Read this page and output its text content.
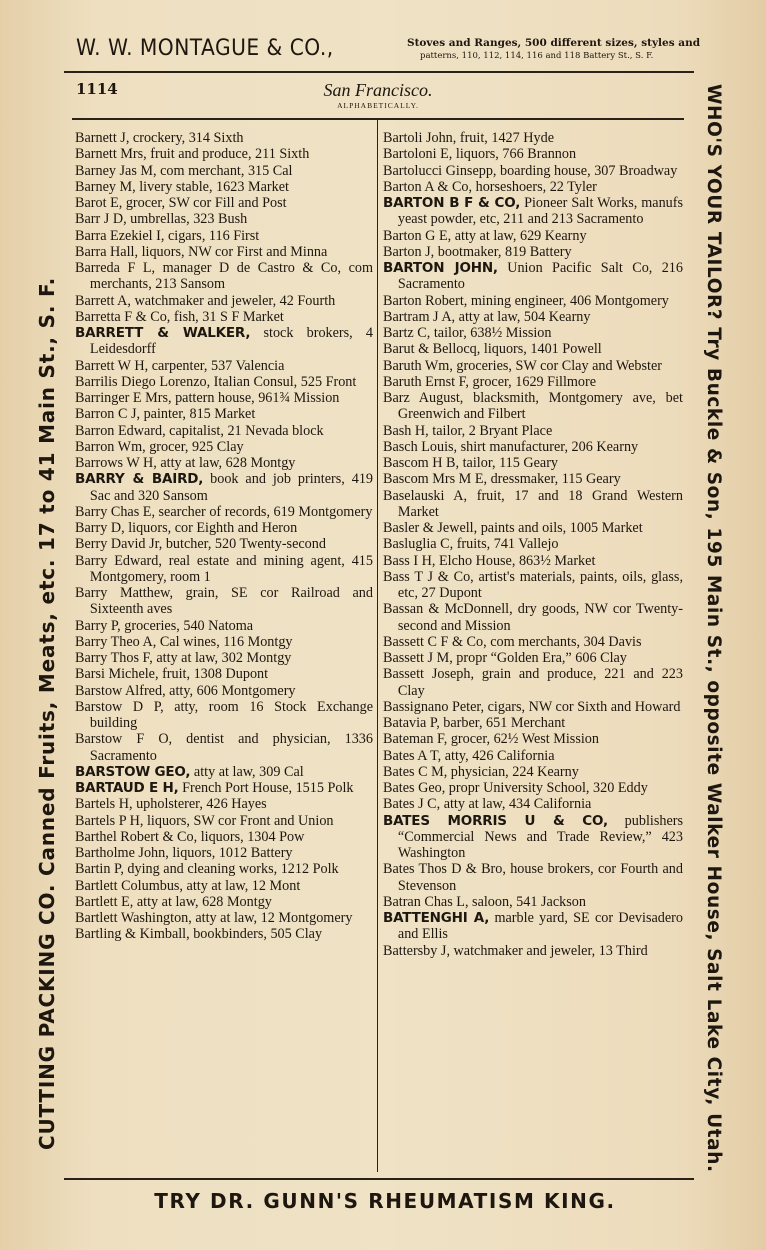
W. W. MONTAGUE & CO.,	Stoves and Ranges, 500 different sizes, styles and
patterns, 110, 112, 114, 116 and 118 Battery St., S. F.
1114	San Francisco.
ALPHABETICALLY.
CUTTING PACKING CO. Canned Fruits, Meats, etc. 17 to 41 Main St., S. F.	WHO'S YOUR TAILOR? Try Buckle & Son, 195 Main St., opposite Walker House, Salt Lake City, Utah.
Barnett J, crockery, 314 Sixth
Barnett Mrs, fruit and produce, 211 Sixth
Barney Jas M, com merchant, 315 Cal
Barney M, livery stable, 1623 Market
Barot E, grocer, SW cor Fill and Post
Barr J D, umbrellas, 323 Bush
Barra Ezekiel I, cigars, 116 First
Barra Hall, liquors, NW cor First and Minna
Barreda F L, manager D de Castro & Co, com merchants, 213 Sansom
Barrett A, watchmaker and jeweler, 42 Fourth
Barretta F & Co, fish, 31 S F Market
BARRETT & WALKER, stock brokers, 4 Leidesdorff
Barrett W H, carpenter, 537 Valencia
Barrilis Diego Lorenzo, Italian Consul, 525 Front
Barringer E Mrs, pattern house, 961¾ Mission
Barron C J, painter, 815 Market
Barron Edward, capitalist, 21 Nevada block
Barron Wm, grocer, 925 Clay
Barrows W H, atty at law, 628 Montgy
BARRY & BAIRD, book and job printers, 419 Sac and 320 Sansom
Barry Chas E, searcher of records, 619 Montgomery
Barry D, liquors, cor Eighth and Heron
Berry David Jr, butcher, 520 Twenty-second
Barry Edward, real estate and mining agent, 415 Montgomery, room 1
Barry Matthew, grain, SE cor Railroad and Sixteenth aves
Barry P, groceries, 540 Natoma
Barry Theo A, Cal wines, 116 Montgy
Barry Thos F, atty at law, 302 Montgy
Barsi Michele, fruit, 1308 Dupont
Barstow Alfred, atty, 606 Montgomery
Barstow D P, atty, room 16 Stock Exchange building
Barstow F O, dentist and physician, 1336 Sacramento
BARSTOW GEO, atty at law, 309 Cal
BARTAUD E H, French Port House, 1515 Polk
Bartels H, upholsterer, 426 Hayes
Bartels P H, liquors, SW cor Front and Union
Barthel Robert & Co, liquors, 1304 Pow
Bartholme John, liquors, 1012 Battery
Bartin P, dying and cleaning works, 1212 Polk
Bartlett Columbus, atty at law, 12 Mont
Bartlett E, atty at law, 628 Montgy
Bartlett Washington, atty at law, 12 Montgomery
Bartling & Kimball, bookbinders, 505 Clay
Bartoli John, fruit, 1427 Hyde
Bartoloni E, liquors, 766 Brannon
Bartolucci Ginsepp, boarding house, 307 Broadway
Barton A & Co, horseshoers, 22 Tyler
BARTON B F & CO, Pioneer Salt Works, manufs yeast powder, etc, 211 and 213 Sacramento
Barton G E, atty at law, 629 Kearny
Barton J, bootmaker, 819 Battery
BARTON JOHN, Union Pacific Salt Co, 216 Sacramento
Barton Robert, mining engineer, 406 Montgomery
Bartram J A, atty at law, 504 Kearny
Bartz C, tailor, 638½ Mission
Barut & Bellocq, liquors, 1401 Powell
Baruth Wm, groceries, SW cor Clay and Webster
Baruth Ernst F, grocer, 1629 Fillmore
Barz August, blacksmith, Montgomery ave, bet Greenwich and Filbert
Bash H, tailor, 2 Bryant Place
Basch Louis, shirt manufacturer, 206 Kearny
Bascom H B, tailor, 115 Geary
Bascom Mrs M E, dressmaker, 115 Geary
Baselauski A, fruit, 17 and 18 Grand Western Market
Basler & Jewell, paints and oils, 1005 Market
Basluglia C, fruits, 741 Vallejo
Bass I H, Elcho House, 863½ Market
Bass T J & Co, artist's materials, paints, oils, glass, etc, 27 Dupont
Bassan & McDonnell, dry goods, NW cor Twenty-second and Mission
Bassett C F & Co, com merchants, 304 Davis
Bassett J M, propr “Golden Era,” 606 Clay
Bassett Joseph, grain and produce, 221 and 223 Clay
Bassignano Peter, cigars, NW cor Sixth and Howard
Batavia P, barber, 651 Merchant
Bateman F, grocer, 62½ West Mission
Bates A T, atty, 426 California
Bates C M, physician, 224 Kearny
Bates Geo, propr University School, 320 Eddy
Bates J C, atty at law, 434 California
BATES MORRIS U & CO, publishers “Commercial News and Trade Review,” 423 Washington
Bates Thos D & Bro, house brokers, cor Fourth and Stevenson
Batran Chas L, saloon, 541 Jackson
BATTENGHI A, marble yard, SE cor Devisadero and Ellis
Battersby J, watchmaker and jeweler, 13 Third
TRY DR. GUNN'S RHEUMATISM KING.
